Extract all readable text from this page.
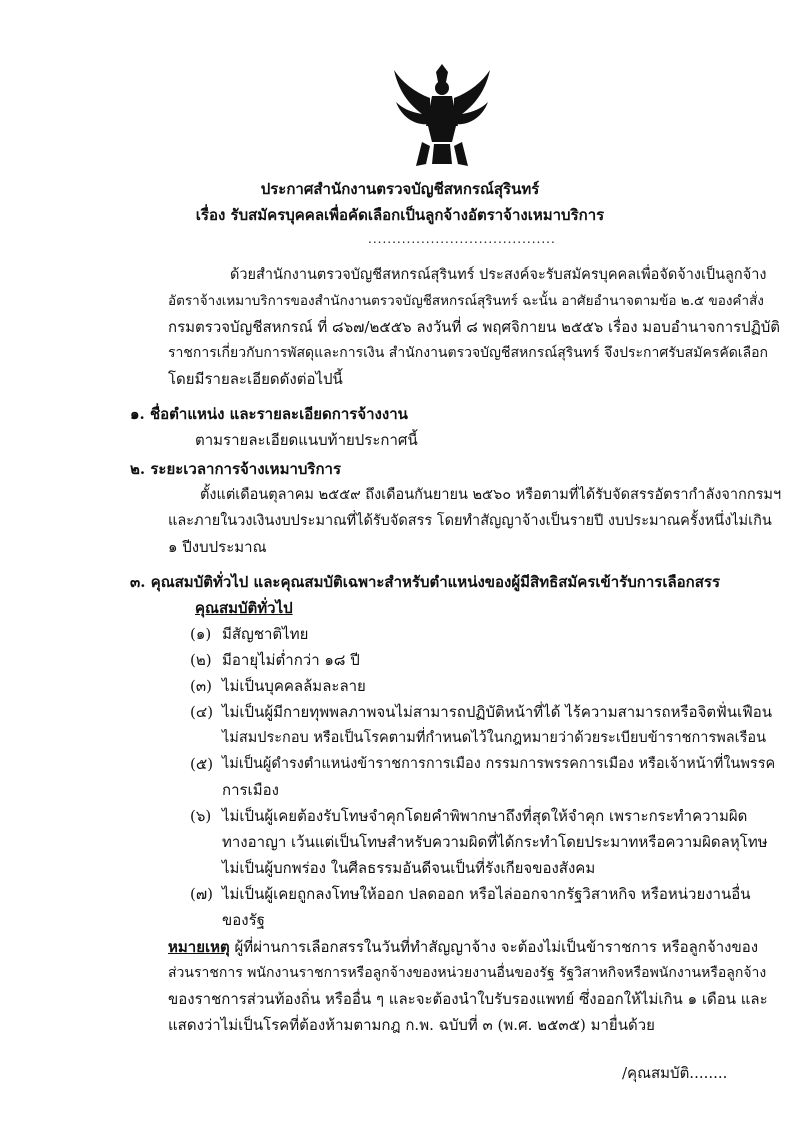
ประกาศสำนักงานตรวจบัญชีสหกรณ์สุรินทร์
เรื่อง รับสมัครบุคคลเพื่อคัดเลือกเป็นลูกจ้างอัตราจ้างเหมาบริการ
.......................................
ด้วยสำนักงานตรวจบัญชีสหกรณ์สุรินทร์ ประสงค์จะรับสมัครบุคคลเพื่อจัดจ้างเป็นลูกจ้าง
อัตราจ้างเหมาบริการของสำนักงานตรวจบัญชีสหกรณ์สุรินทร์ ฉะนั้น อาศัยอำนาจตามข้อ ๒.๕ ของคำสั่ง
กรมตรวจบัญชีสหกรณ์ ที่ ๘๖๗/๒๕๕๖ ลงวันที่ ๘ พฤศจิกายน ๒๕๕๖ เรื่อง มอบอำนาจการปฏิบัติ
ราชการเกี่ยวกับการพัสดุและการเงิน สำนักงานตรวจบัญชีสหกรณ์สุรินทร์ จึงประกาศรับสมัครคัดเลือก
โดยมีรายละเอียดดังต่อไปนี้
๑. ชื่อตำแหน่ง และรายละเอียดการจ้างงาน
ตามรายละเอียดแนบท้ายประกาศนี้
๒. ระยะเวลาการจ้างเหมาบริการ
ตั้งแต่เดือนตุลาคม ๒๕๕๙ ถึงเดือนกันยายน ๒๕๖๐ หรือตามที่ได้รับจัดสรรอัตรากำลังจากกรมฯ
และภายในวงเงินงบประมาณที่ได้รับจัดสรร โดยทำสัญญาจ้างเป็นรายปี งบประมาณครั้งหนึ่งไม่เกิน
๑ ปีงบประมาณ
๓. คุณสมบัติทั่วไป และคุณสมบัติเฉพาะสำหรับตำแหน่งของผู้มีสิทธิสมัครเข้ารับการเลือกสรร
คุณสมบัติทั่วไป
(๑) มีสัญชาติไทย
(๒) มีอายุไม่ต่ำกว่า ๑๘ ปี
(๓) ไม่เป็นบุคคลล้มละลาย
(๔) ไม่เป็นผู้มีกายทุพพลภาพจนไม่สามารถปฏิบัติหน้าที่ได้ ไร้ความสามารถหรือจิตฟั่นเฟือน
ไม่สมประกอบ หรือเป็นโรคตามที่กำหนดไว้ในกฎหมายว่าด้วยระเบียบข้าราชการพลเรือน
(๕) ไม่เป็นผู้ดำรงตำแหน่งข้าราชการการเมือง กรรมการพรรคการเมือง หรือเจ้าหน้าที่ในพรรค
การเมือง
(๖) ไม่เป็นผู้เคยต้องรับโทษจำคุกโดยคำพิพากษาถึงที่สุดให้จำคุก เพราะกระทำความผิด
ทางอาญา เว้นแต่เป็นโทษสำหรับความผิดที่ได้กระทำโดยประมาทหรือความผิดลหุโทษ
ไม่เป็นผู้บกพร่อง ในศีลธรรมอันดีจนเป็นที่รังเกียจของสังคม
(๗) ไม่เป็นผู้เคยถูกลงโทษให้ออก ปลดออก หรือไล่ออกจากรัฐวิสาหกิจ หรือหน่วยงานอื่น
ของรัฐ
หมายเหตุ ผู้ที่ผ่านการเลือกสรรในวันที่ทำสัญญาจ้าง จะต้องไม่เป็นข้าราชการ หรือลูกจ้างของ
ส่วนราชการ พนักงานราชการหรือลูกจ้างของหน่วยงานอื่นของรัฐ รัฐวิสาหกิจหรือพนักงานหรือลูกจ้าง
ของราชการส่วนท้องถิ่น หรืออื่น ๆ และจะต้องนำใบรับรองแพทย์ ซึ่งออกให้ไม่เกิน ๑ เดือน และ
แสดงว่าไม่เป็นโรคที่ต้องห้ามตามกฎ ก.พ. ฉบับที่ ๓ (พ.ศ. ๒๕๓๕) มายื่นด้วย
/คุณสมบัติ........
